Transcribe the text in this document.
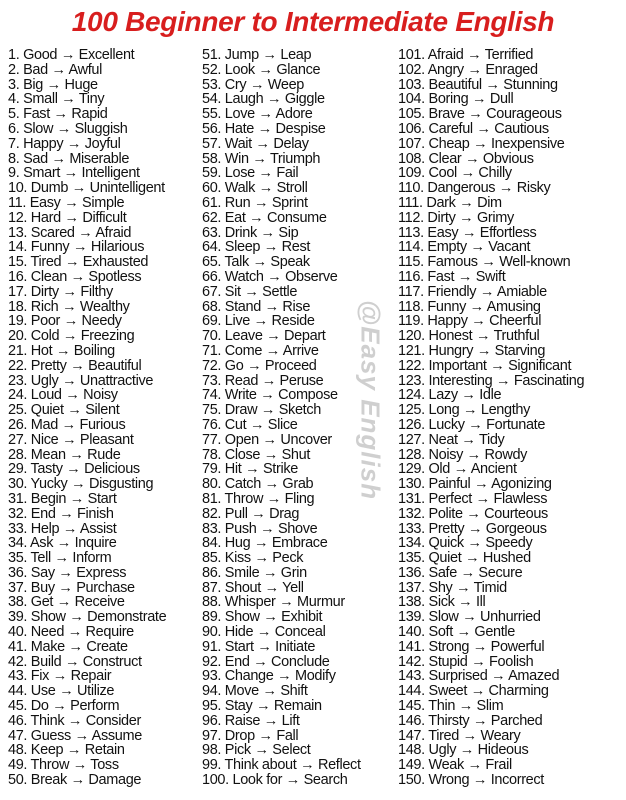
100 Beginner to Intermediate English
1. Good → Excellent
2. Bad → Awful
3. Big → Huge
4. Small → Tiny
5. Fast → Rapid
6. Slow → Sluggish
7. Happy → Joyful
8. Sad → Miserable
9. Smart → Intelligent
10. Dumb → Unintelligent
11. Easy → Simple
12. Hard → Difficult
13. Scared → Afraid
14. Funny → Hilarious
15. Tired → Exhausted
16. Clean → Spotless
17. Dirty → Filthy
18. Rich → Wealthy
19. Poor → Needy
20. Cold → Freezing
21. Hot → Boiling
22. Pretty → Beautiful
23. Ugly → Unattractive
24. Loud → Noisy
25. Quiet → Silent
26. Mad → Furious
27. Nice → Pleasant
28. Mean → Rude
29. Tasty → Delicious
30. Yucky → Disgusting
31. Begin → Start
32. End → Finish
33. Help → Assist
34. Ask → Inquire
35. Tell → Inform
36. Say → Express
37. Buy → Purchase
38. Get → Receive
39. Show → Demonstrate
40. Need → Require
41. Make → Create
42. Build → Construct
43. Fix → Repair
44. Use → Utilize
45. Do → Perform
46. Think → Consider
47. Guess → Assume
48. Keep → Retain
49. Throw → Toss
50. Break → Damage
51. Jump → Leap
52. Look → Glance
53. Cry → Weep
54. Laugh → Giggle
55. Love → Adore
56. Hate → Despise
57. Wait → Delay
58. Win → Triumph
59. Lose → Fail
60. Walk → Stroll
61. Run → Sprint
62. Eat → Consume
63. Drink → Sip
64. Sleep → Rest
65. Talk → Speak
66. Watch → Observe
67. Sit → Settle
68. Stand → Rise
69. Live → Reside
70. Leave → Depart
71. Come → Arrive
72. Go → Proceed
73. Read → Peruse
74. Write → Compose
75. Draw → Sketch
76. Cut → Slice
77. Open → Uncover
78. Close → Shut
79. Hit → Strike
80. Catch → Grab
81. Throw → Fling
82. Pull → Drag
83. Push → Shove
84. Hug → Embrace
85. Kiss → Peck
86. Smile → Grin
87. Shout → Yell
88. Whisper → Murmur
89. Show → Exhibit
90. Hide → Conceal
91. Start → Initiate
92. End → Conclude
93. Change → Modify
94. Move → Shift
95. Stay → Remain
96. Raise → Lift
97. Drop → Fall
98. Pick → Select
99. Think about → Reflect
100. Look for → Search
101. Afraid → Terrified
102. Angry → Enraged
103. Beautiful → Stunning
104. Boring → Dull
105. Brave → Courageous
106. Careful → Cautious
107. Cheap → Inexpensive
108. Clear → Obvious
109. Cool → Chilly
110. Dangerous → Risky
111. Dark → Dim
112. Dirty → Grimy
113. Easy → Effortless
114. Empty → Vacant
115. Famous → Well-known
116. Fast → Swift
117. Friendly → Amiable
118. Funny → Amusing
119. Happy → Cheerful
120. Honest → Truthful
121. Hungry → Starving
122. Important → Significant
123. Interesting → Fascinating
124. Lazy → Idle
125. Long → Lengthy
126. Lucky → Fortunate
127. Neat → Tidy
128. Noisy → Rowdy
129. Old → Ancient
130. Painful → Agonizing
131. Perfect → Flawless
132. Polite → Courteous
133. Pretty → Gorgeous
134. Quick → Speedy
135. Quiet → Hushed
136. Safe → Secure
137. Shy → Timid
138. Sick → Ill
139. Slow → Unhurried
140. Soft → Gentle
141. Strong → Powerful
142. Stupid → Foolish
143. Surprised → Amazed
144. Sweet → Charming
145. Thin → Slim
146. Thirsty → Parched
147. Tired → Weary
148. Ugly → Hideous
149. Weak → Frail
150. Wrong → Incorrect
@Easy English
